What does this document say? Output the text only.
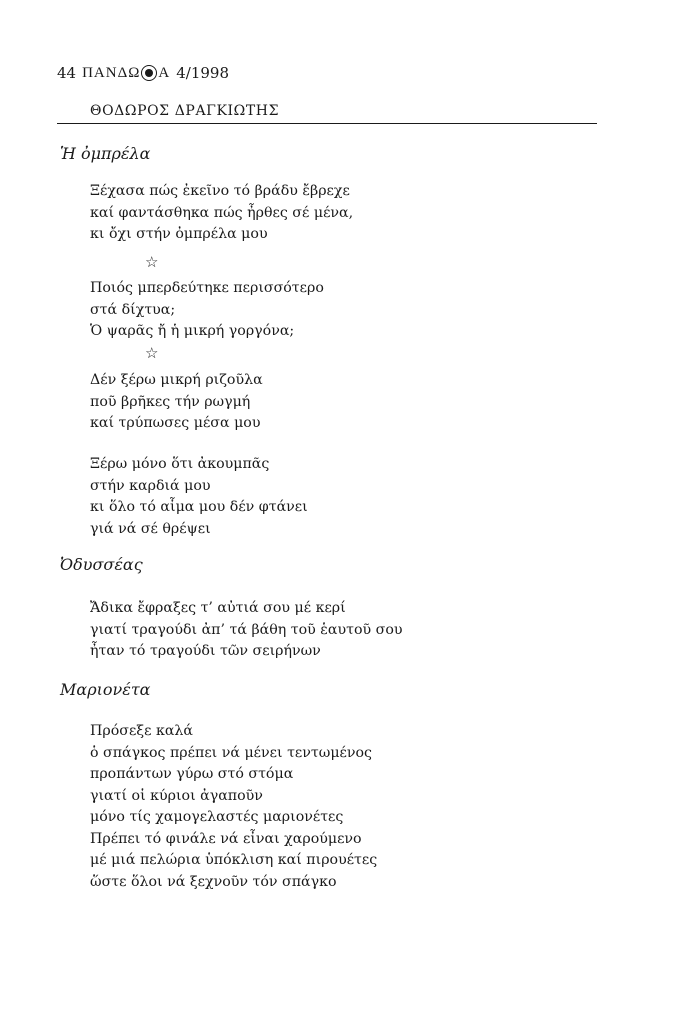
44 ΠΑΝΔΩ Α 4/1998
ΘΟΔΩΡΟΣ ΔΡΑΓΚΙΩΤΗΣ
Ἡ ὀμπρέλα
Ξέχασα πώς ἐκεῖνο τό βράδυ ἔβρεχε
καί φαντάσθηκα πώς ἦρθες σέ μένα,
κι ὄχι στήν ὀμπρέλα μου
☆
Ποιός μπερδεύτηκε περισσότερο
στά δίχτυα;
Ὁ ψαρᾶς ἤ ἡ μικρή γοργόνα;
☆
Δέν ξέρω μικρή ριζοῦλα
ποῦ βρῆκες τήν ρωγμή
καί τρύπωσες μέσα μου
Ξέρω μόνο ὅτι ἀκουμπᾶς
στήν καρδιά μου
κι ὅλο τό αἷμα μου δέν φτάνει
γιά νά σέ θρέψει
Ὀδυσσέας
Ἄδικα ἔφραξες τ’ αὐτιά σου μέ κερί
γιατί τραγούδι ἀπ’ τά βάθη τοῦ ἑαυτοῦ σου
ἦταν τό τραγούδι τῶν σειρήνων
Μαριονέτα
Πρόσεξε καλά
ὁ σπάγκος πρέπει νά μένει τεντωμένος
προπάντων γύρω στό στόμα
γιατί οἱ κύριοι ἀγαποῦν
μόνο τίς χαμογελαστές μαριονέτες
Πρέπει τό φινάλε νά εἶναι χαρούμενο
μέ μιά πελώρια ὑπόκλιση καί πιρουέτες
ὥστε ὅλοι νά ξεχνοῦν τόν σπάγκο
